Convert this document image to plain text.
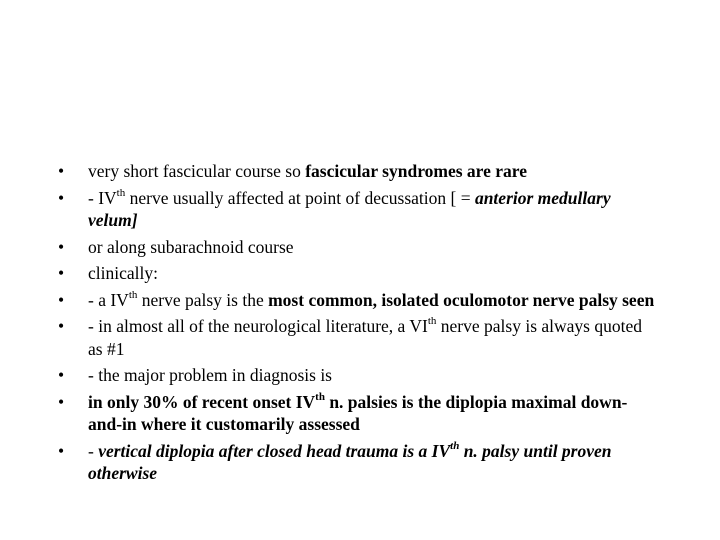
•	very short fascicular course so fascicular syndromes are rare
•	- IVth nerve usually affected at point of decussation [ = anterior medullary velum]
•	or along subarachnoid course
•	clinically:
•	- a IVth nerve palsy is the most common, isolated oculomotor nerve palsy seen
•	- in almost all of the neurological literature, a VIth nerve palsy is always quoted as #1
•	- the major problem in diagnosis is
•	in only 30% of recent onset IVth n. palsies is the diplopia maximal down-and-in where it customarily assessed
•	- vertical diplopia after closed head trauma is a IVth n. palsy until proven otherwise
